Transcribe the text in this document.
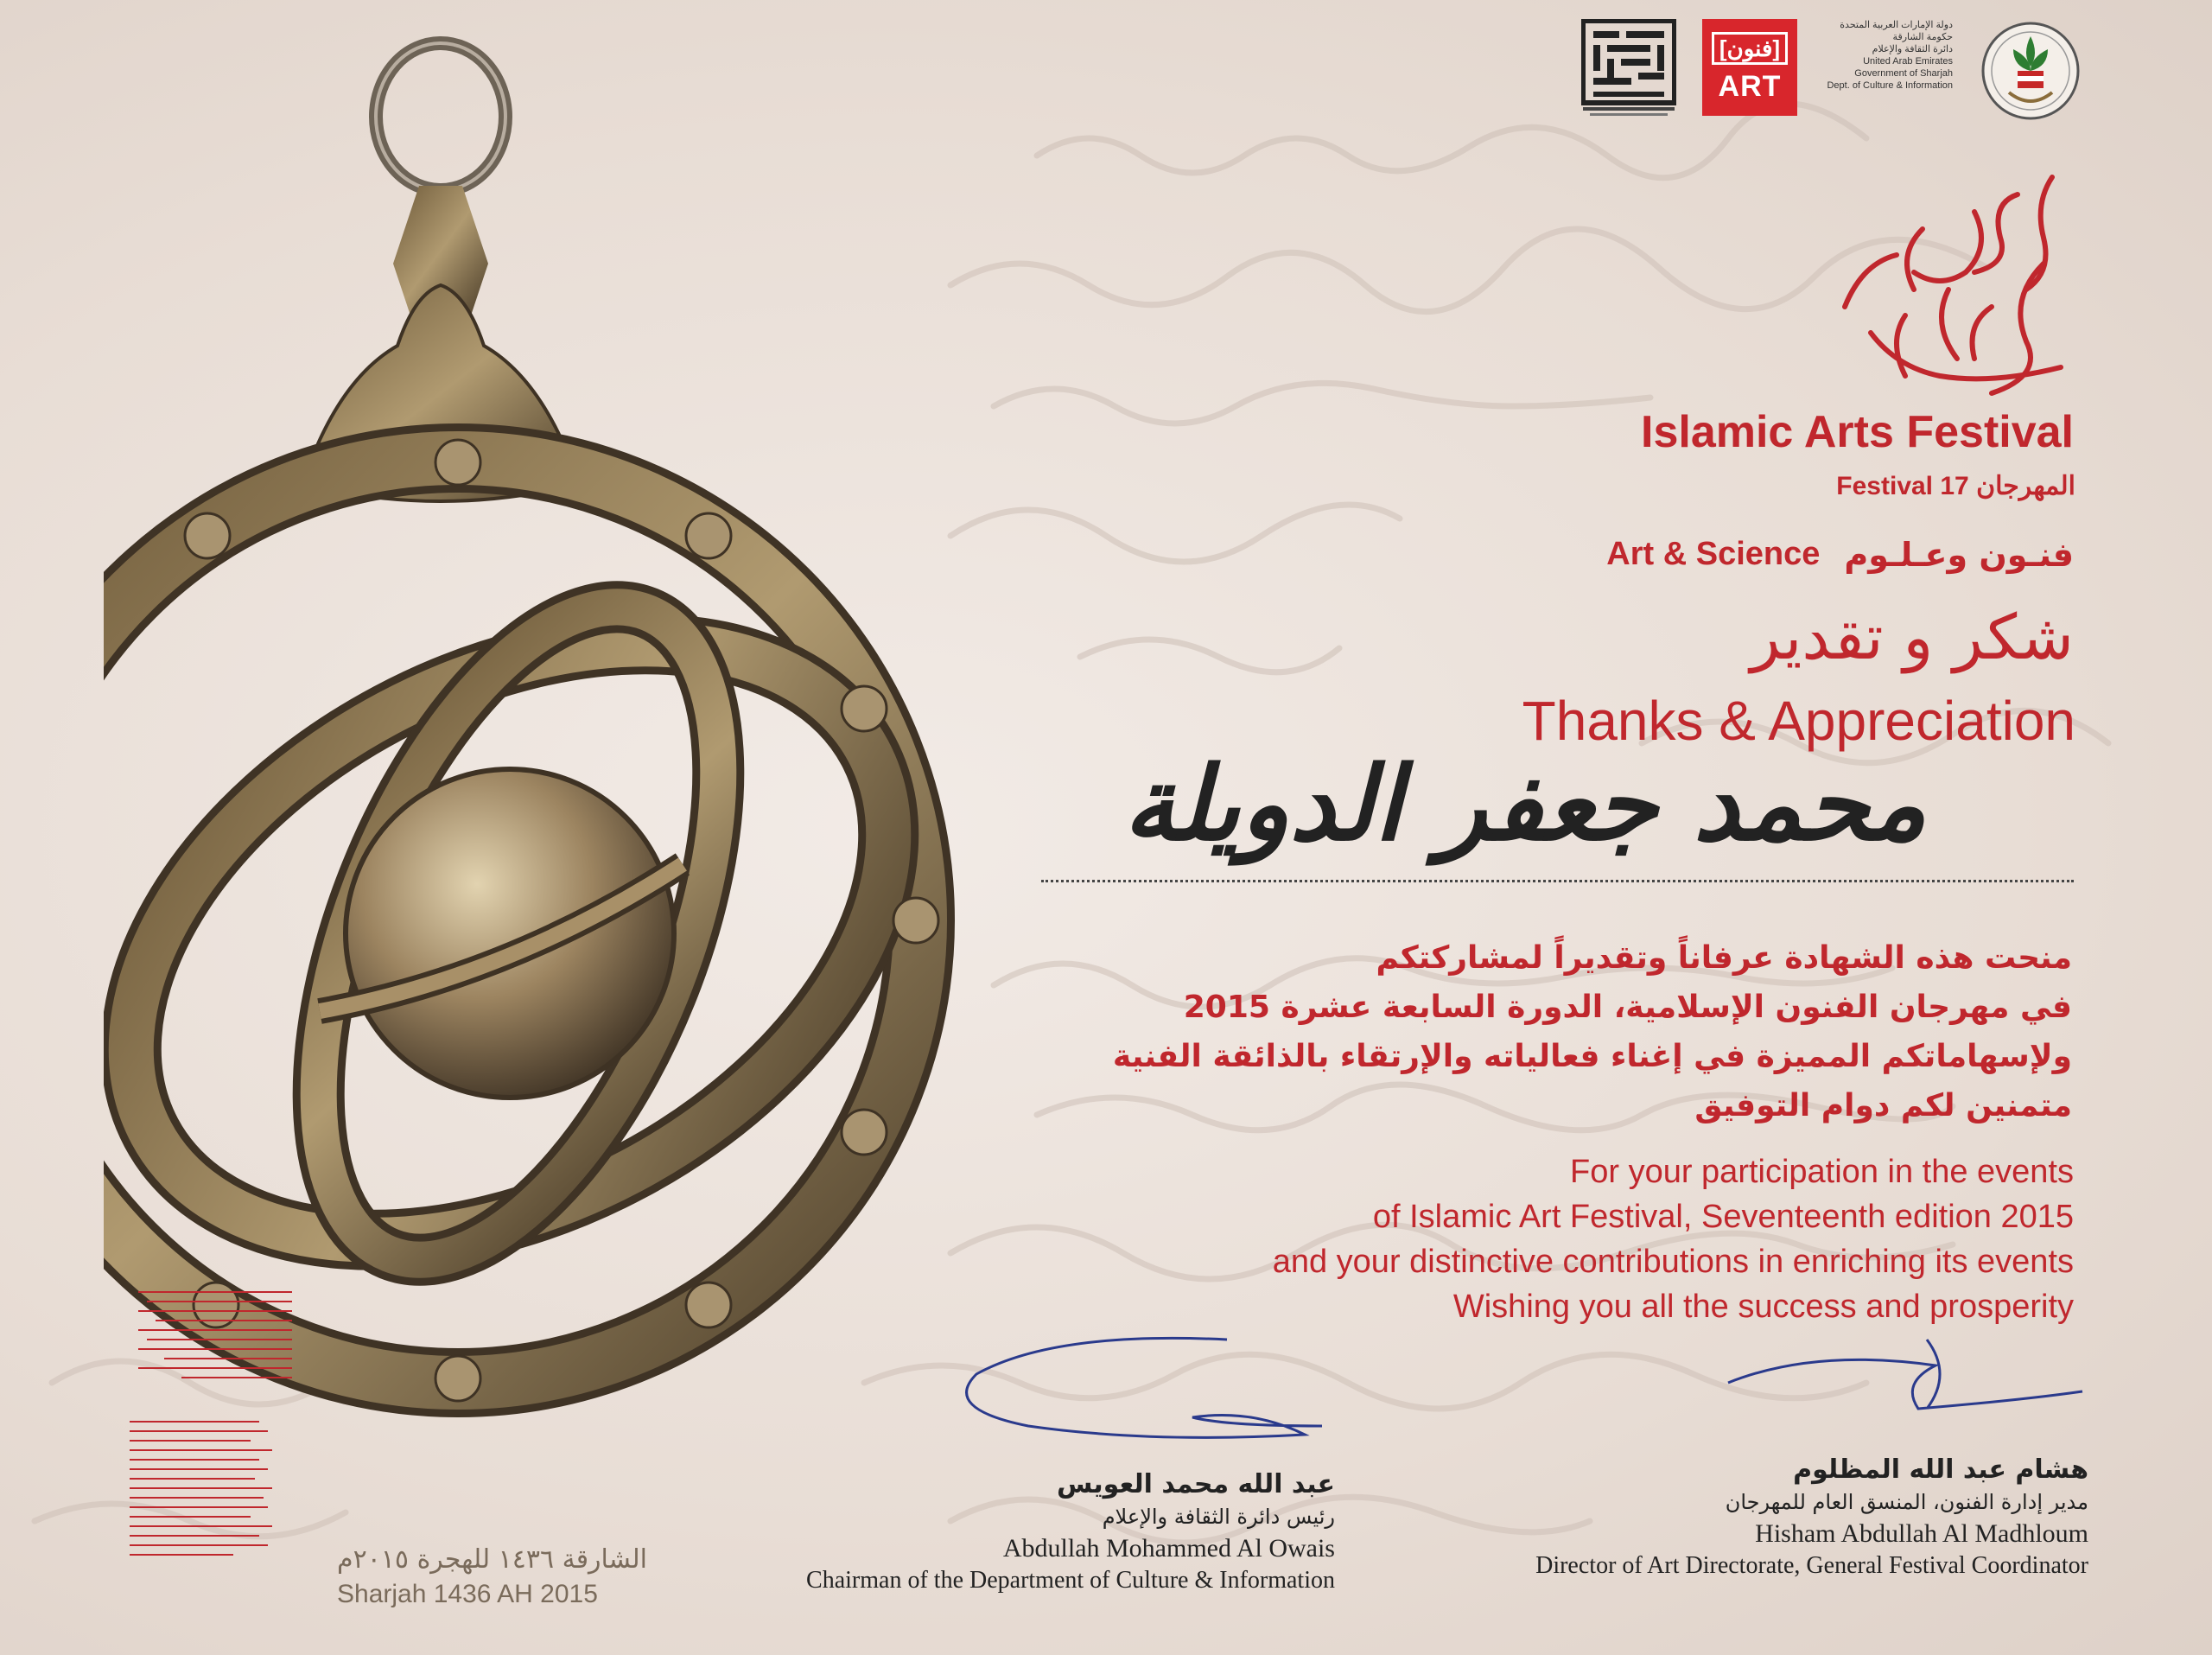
[فنون]
ART
دولة الإمارات العربية المتحدة
حكومة الشارقة
دائرة الثقافة والإعلام
United Arab Emirates
Government of Sharjah
Dept. of Culture & Information
Islamic Arts Festival
Festival 17 المهرجان
Art & Science فنـون وعـلـوم
شكر و تقدير
Thanks & Appreciation
محمد جعفر الدويلة
منحت هذه الشهادة عرفاناً وتقديراً لمشاركتكم
في مهرجان الفنون الإسلامية، الدورة السابعة عشرة 2015
ولإسهاماتكم المميزة في إغناء فعالياته والإرتقاء بالذائقة الفنية
متمنين لكم دوام التوفيق
For your participation in the events
of Islamic Art Festival, Seventeenth edition 2015
and your distinctive contributions in enriching its events
Wishing you all the success and prosperity
عبد الله محمد العويس
رئيس دائرة الثقافة والإعلام
Abdullah Mohammed Al Owais
Chairman of the Department of Culture & Information
هشام عبد الله المظلوم
مدير إدارة الفنون، المنسق العام للمهرجان
Hisham Abdullah Al Madhloum
Director of Art Directorate, General Festival Coordinator
الشارقة ١٤٣٦ للهجرة ٢٠١٥م
Sharjah 1436 AH 2015
